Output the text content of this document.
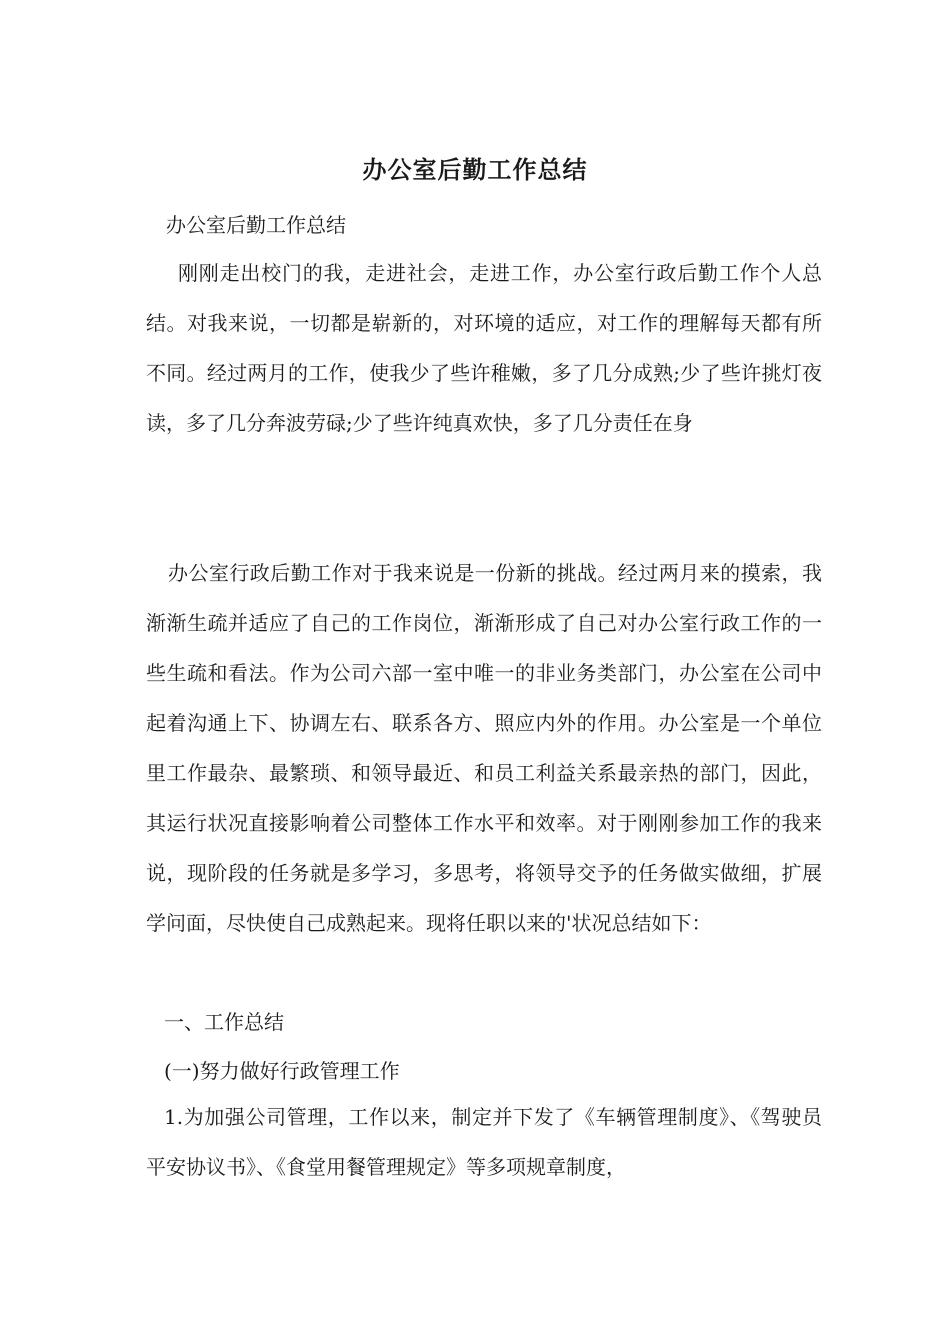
办公室后勤工作总结
办公室后勤工作总结

刚刚走出校门的我，走进社会，走进工作，办公室行政后勤工作个人总结。对我来说，一切都是崭新的，对环境的适应，对工作的理解每天都有所不同。经过两月的工作，使我少了些许稚嫩，多了几分成熟;少了些许挑灯夜读，多了几分奔波劳碌;少了些许纯真欢快，多了几分责任在身

办公室行政后勤工作对于我来说是一份新的挑战。经过两月来的摸索，我渐渐生疏并适应了自己的工作岗位，渐渐形成了自己对办公室行政工作的一些生疏和看法。作为公司六部一室中唯一的非业务类部门，办公室在公司中起着沟通上下、协调左右、联系各方、照应内外的作用。办公室是一个单位里工作最杂、最繁琐、和领导最近、和员工利益关系最亲热的部门，因此，其运行状况直接影响着公司整体工作水平和效率。对于刚刚参加工作的我来说，现阶段的任务就是多学习，多思考，将领导交予的任务做实做细，扩展学问面，尽快使自己成熟起来。现将任职以来的'状况总结如下：

一、工作总结
(一)努力做好行政管理工作

1.为加强公司管理，工作以来，制定并下发了《车辆管理制度》、《驾驶员平安协议书》、《食堂用餐管理规定》等多项规章制度，
